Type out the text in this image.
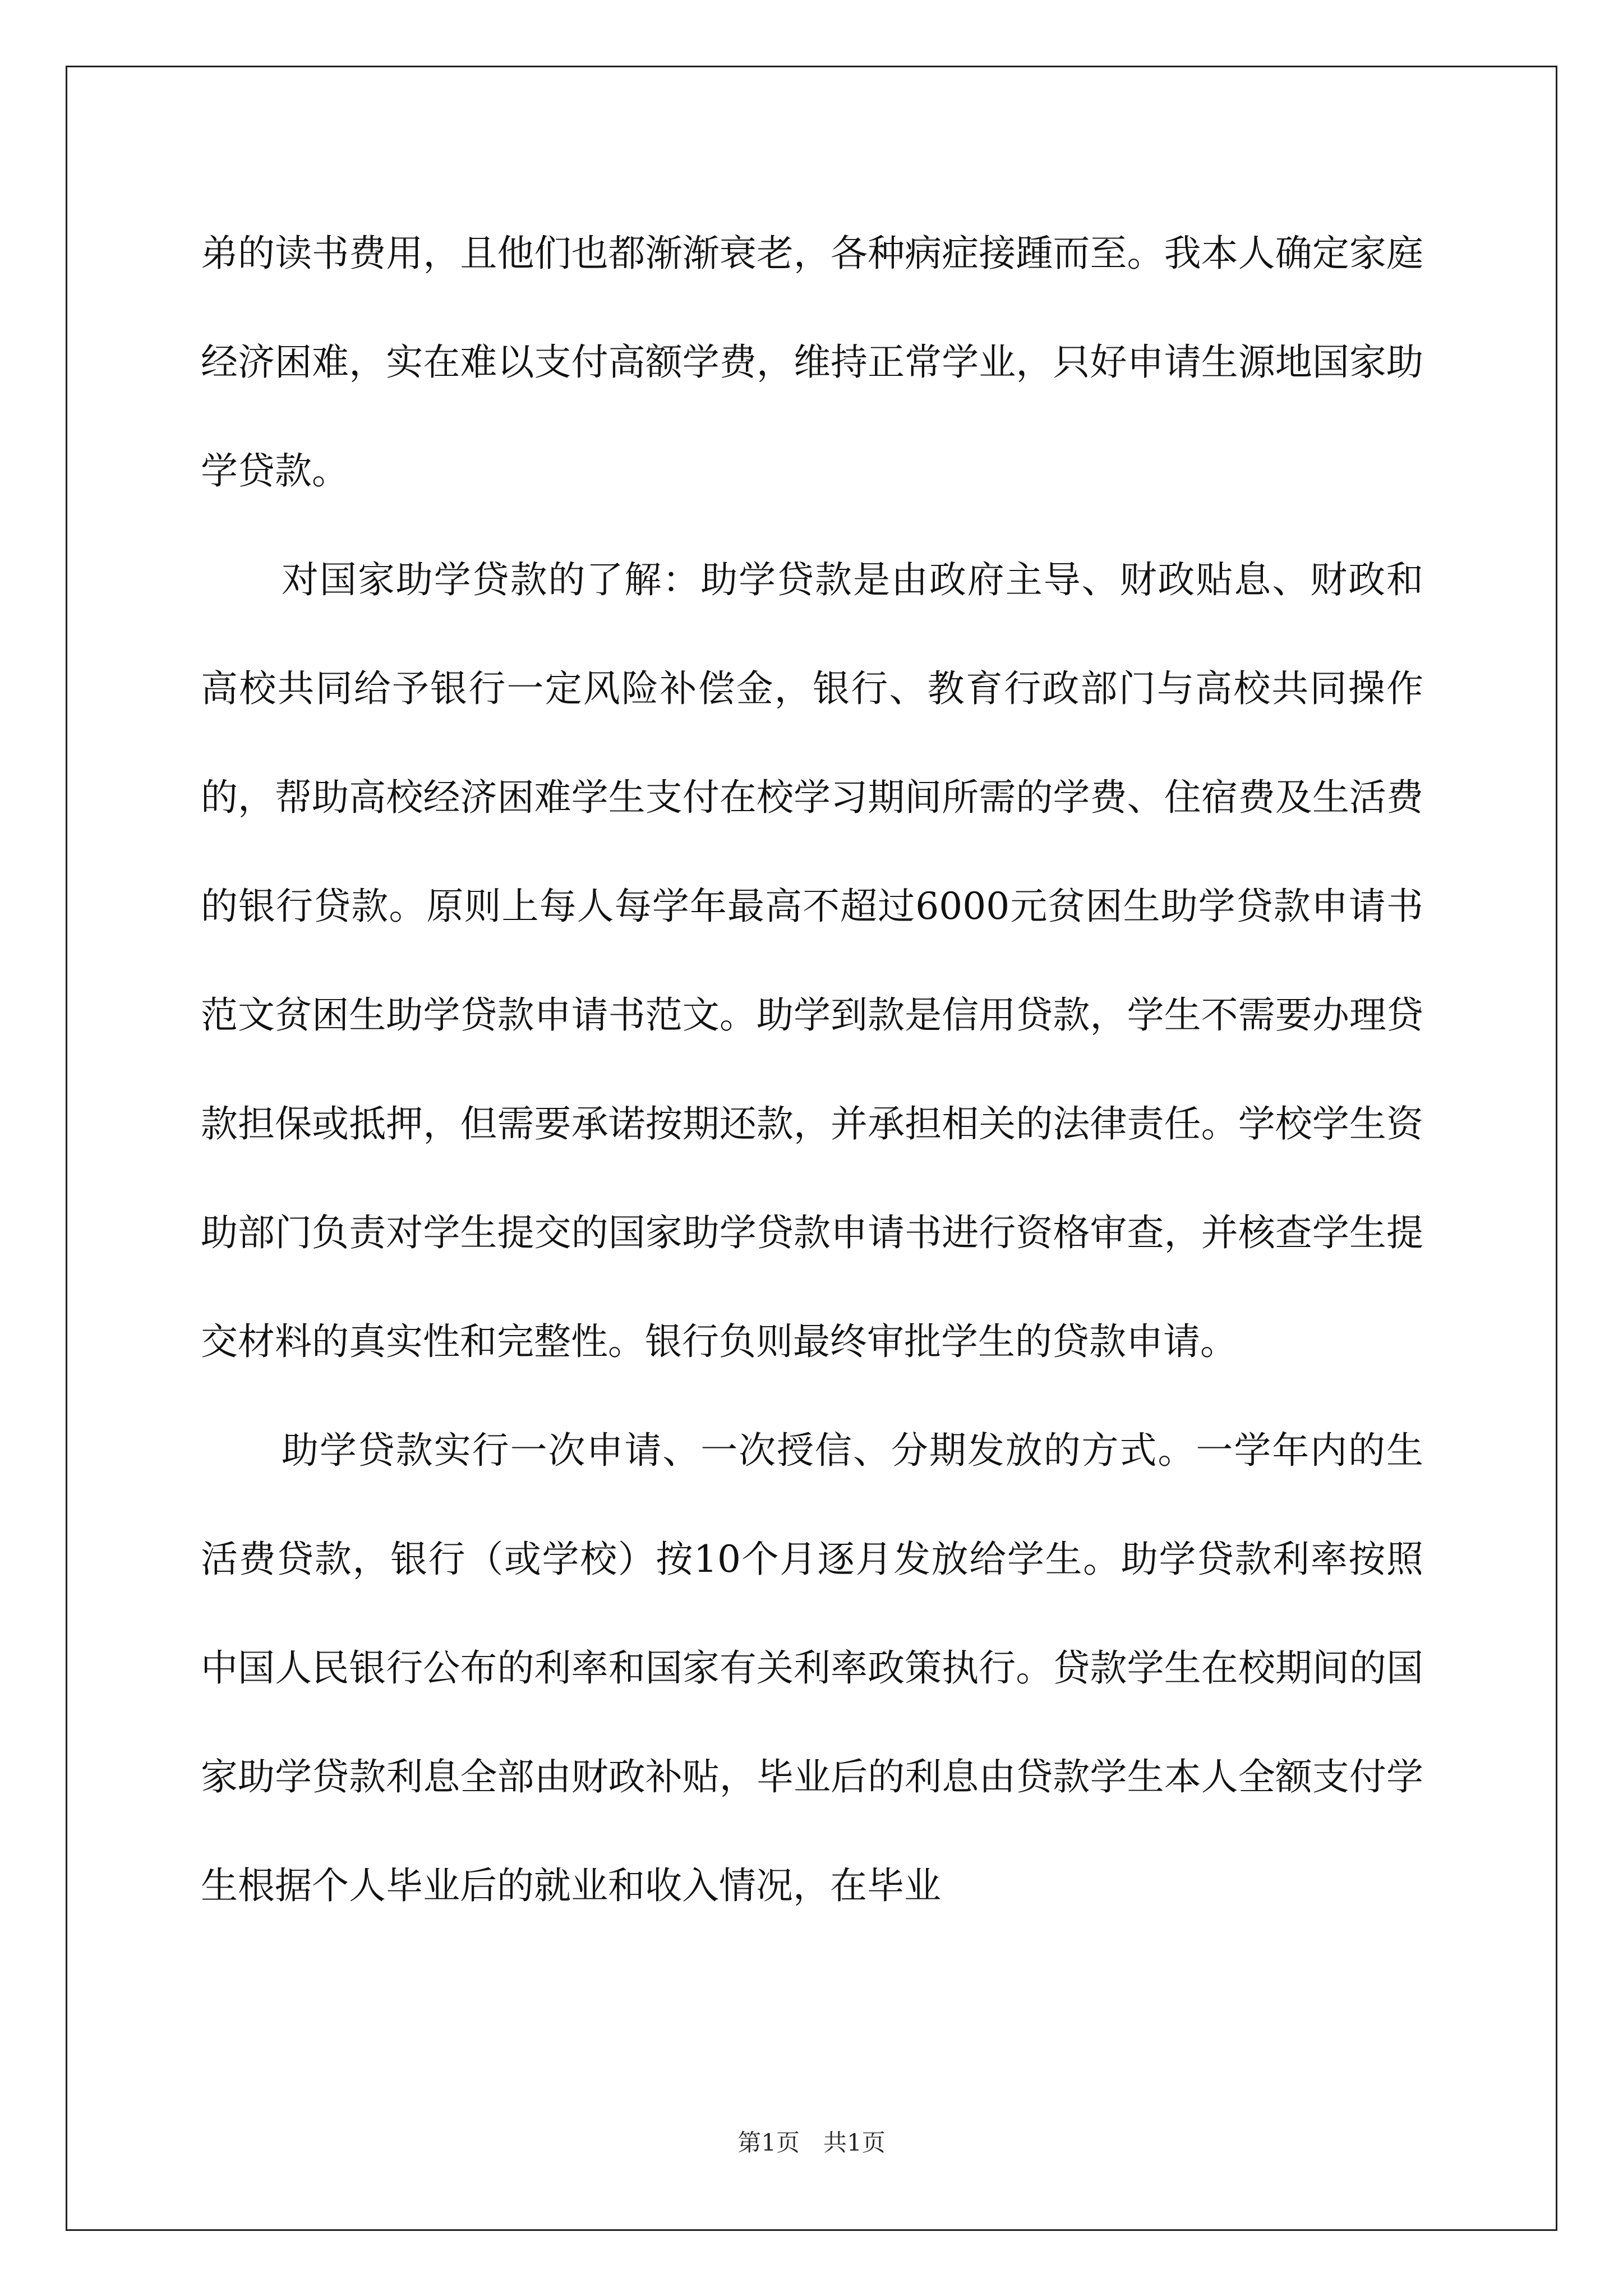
弟的读书费用，且他们也都渐渐衰老，各种病症接踵而至。我本人确定家庭经济困难，实在难以支付高额学费，维持正常学业，只好申请生源地国家助学贷款。

对国家助学贷款的了解：助学贷款是由政府主导、财政贴息、财政和高校共同给予银行一定风险补偿金，银行、教育行政部门与高校共同操作的，帮助高校经济困难学生支付在校学习期间所需的学费、住宿费及生活费的银行贷款。原则上每人每学年最高不超过6000元贫困生助学贷款申请书范文贫困生助学贷款申请书范文。助学到款是信用贷款，学生不需要办理贷款担保或抵押，但需要承诺按期还款，并承担相关的法律责任。学校学生资助部门负责对学生提交的国家助学贷款申请书进行资格审查，并核查学生提交材料的真实性和完整性。银行负则最终审批学生的贷款申请。

助学贷款实行一次申请、一次授信、分期发放的方式。一学年内的生活费贷款，银行（或学校）按10个月逐月发放给学生。助学贷款利率按照中国人民银行公布的利率和国家有关利率政策执行。贷款学生在校期间的国家助学贷款利息全部由财政补贴，毕业后的利息由贷款学生本人全额支付学生根据个人毕业后的就业和收入情况，在毕业

第1页　共1页
